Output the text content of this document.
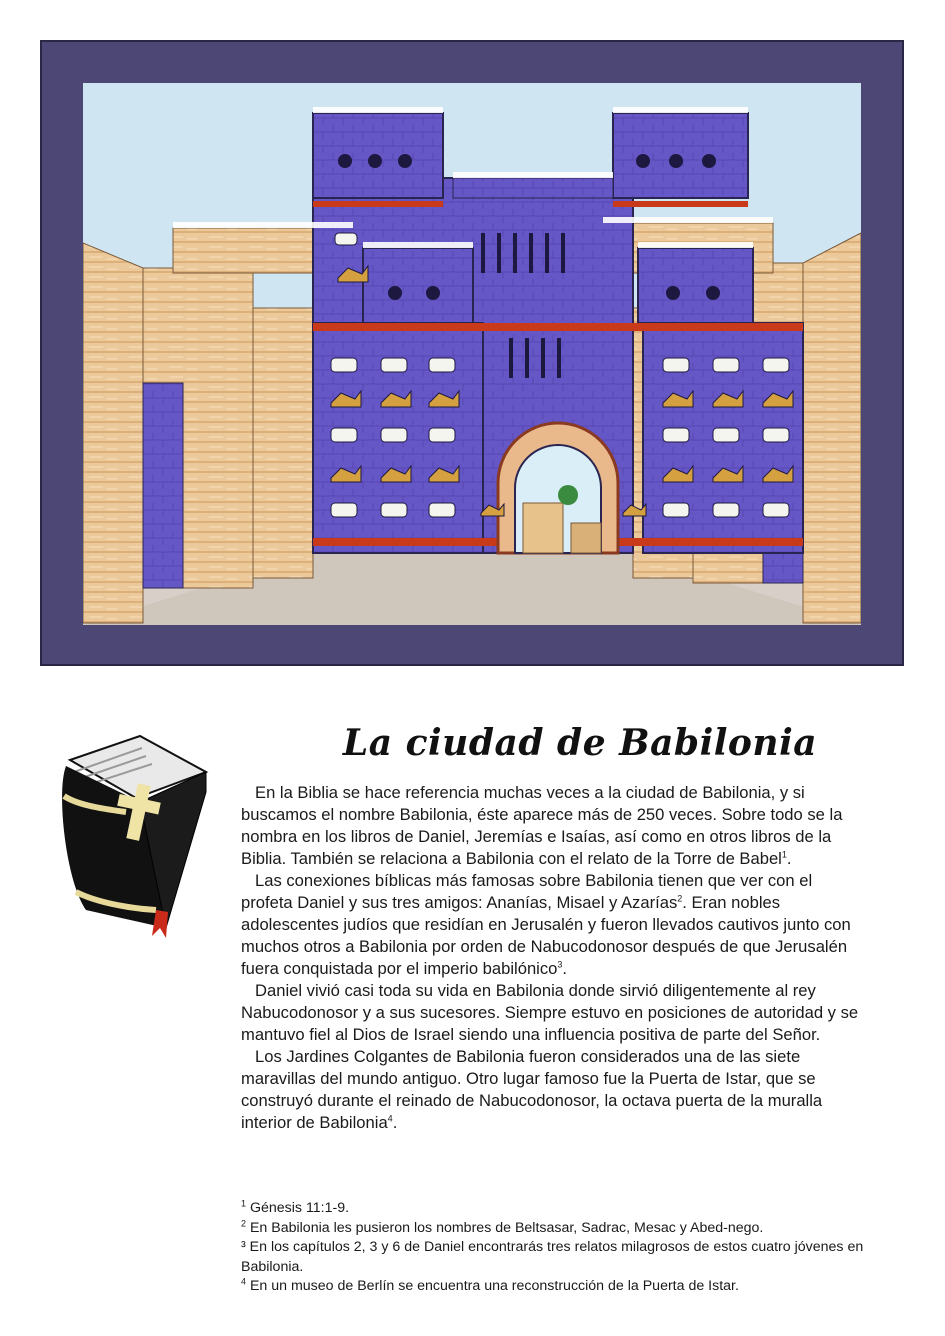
La ciudad de Babilonia

En la Biblia se hace referencia muchas veces a la ciudad de Babilonia, y si buscamos el nombre Babilonia, éste aparece más de 250 veces. Sobre todo se la nombra en los libros de Daniel, Jeremías e Isaías, así como en otros libros de la Biblia. También se relaciona a Babilonia con el relato de la Torre de Babel$^1$.

Las conexiones bíblicas más famosas sobre Babilonia tienen que ver con el profeta Daniel y sus tres amigos: Ananías, Misael y Azarías$^2$. Eran nobles adolescentes judíos que residían en Jerusalén y fueron llevados cautivos junto con muchos otros a Babilonia por orden de Nabucodonosor después de que Jerusalén fuera conquistada por el imperio babilónico$^3$.

Daniel vivió casi toda su vida en Babilonia donde sirvió diligentemente al rey Nabucodonosor y a sus sucesores. Siempre estuvo en posiciones de autoridad y se mantuvo fiel al Dios de Israel siendo una influencia positiva de parte del Señor.

Los Jardines Colgantes de Babilonia fueron considerados una de las siete maravillas del mundo antiguo. Otro lugar famoso fue la Puerta de Istar, que se construyó durante el reinado de Nabucodonosor, la octava puerta de la muralla interior de Babilonia$^4$.

$^1$ Génesis 11:1-9.
$^2$ En Babilonia les pusieron los nombres de Beltsasar, Sadrac, Mesac y Abed-nego.
³ En los capítulos 2, 3 y 6 de Daniel encontrarás tres relatos milagrosos de estos cuatro jóvenes en Babilonia.
$^4$ En un museo de Berlín se encuentra una reconstrucción de la Puerta de Istar.
